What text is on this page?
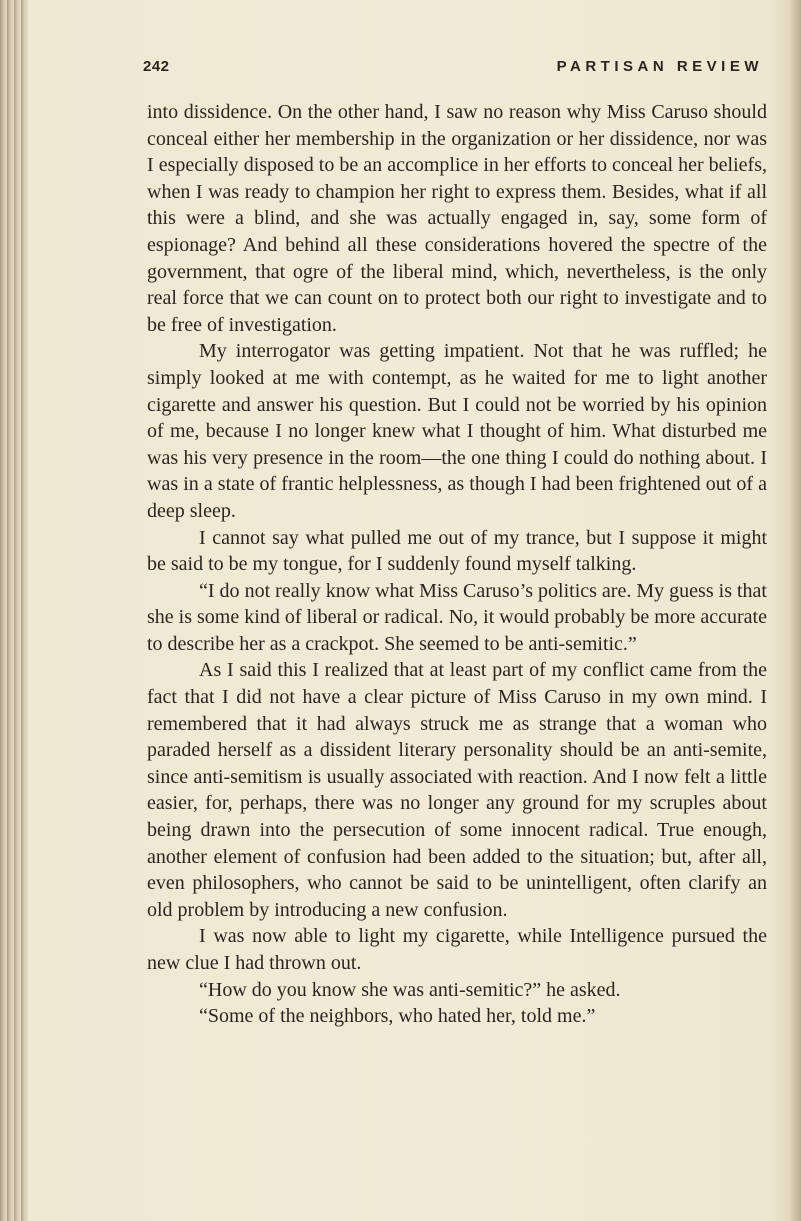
242	PARTISAN REVIEW

into dissidence. On the other hand, I saw no reason why Miss Caruso should conceal either her membership in the organization or her dissidence, nor was I especially disposed to be an accomplice in her efforts to conceal her beliefs, when I was ready to champion her right to express them. Besides, what if all this were a blind, and she was actually engaged in, say, some form of espionage? And behind all these considerations hovered the spectre of the government, that ogre of the liberal mind, which, nevertheless, is the only real force that we can count on to protect both our right to investigate and to be free of investigation.

My interrogator was getting impatient. Not that he was ruffled; he simply looked at me with contempt, as he waited for me to light another cigarette and answer his question. But I could not be worried by his opinion of me, because I no longer knew what I thought of him. What disturbed me was his very presence in the room—the one thing I could do nothing about. I was in a state of frantic helplessness, as though I had been frightened out of a deep sleep.

I cannot say what pulled me out of my trance, but I suppose it might be said to be my tongue, for I suddenly found myself talking.

“I do not really know what Miss Caruso’s politics are. My guess is that she is some kind of liberal or radical. No, it would probably be more accurate to describe her as a crackpot. She seemed to be anti-semitic.”

As I said this I realized that at least part of my conflict came from the fact that I did not have a clear picture of Miss Caruso in my own mind. I remembered that it had always struck me as strange that a woman who paraded herself as a dissident literary personality should be an anti-semite, since anti-semitism is usually associated with reaction. And I now felt a little easier, for, perhaps, there was no longer any ground for my scruples about being drawn into the persecution of some innocent radical. True enough, another element of confusion had been added to the situation; but, after all, even philosophers, who cannot be said to be unintelligent, often clarify an old problem by introducing a new confusion.

I was now able to light my cigarette, while Intelligence pursued the new clue I had thrown out.

“How do you know she was anti-semitic?” he asked.

“Some of the neighbors, who hated her, told me.”
